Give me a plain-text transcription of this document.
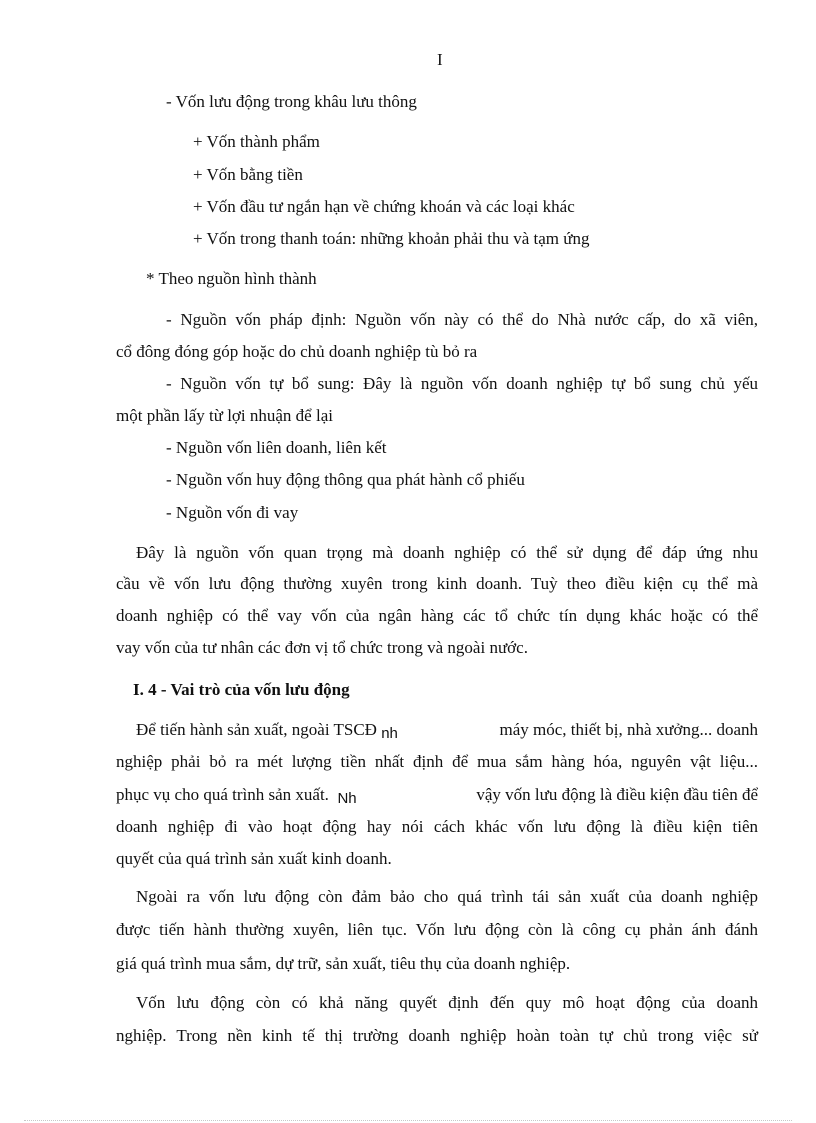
I
- Vốn lưu động trong khâu lưu thông
+ Vốn thành phẩm
+ Vốn bằng tiền
+ Vốn đầu tư ngắn hạn về chứng khoán và các loại khác
+ Vốn trong thanh toán: những khoản phải thu và tạm ứng
* Theo nguồn hình thành
- Nguồn vốn pháp định: Nguồn vốn này có thể do Nhà nước cấp, do xã viên,
cổ đông đóng góp hoặc do chủ doanh nghiệp tù bỏ ra
- Nguồn vốn tự bổ sung: Đây là nguồn vốn doanh nghiệp tự bổ sung chủ yếu
một phần lấy từ lợi nhuận để lại
- Nguồn vốn liên doanh, liên kết
- Nguồn vốn huy động thông qua phát hành cổ phiếu
- Nguồn vốn đi vay
Đây là nguồn vốn quan trọng mà doanh nghiệp có thể sử dụng để đáp ứng nhu
cầu về vốn lưu động thường xuyên trong kinh doanh. Tuỳ theo điều kiện cụ thể mà
doanh nghiệp có thể vay vốn của ngân hàng các tổ chức tín dụng khác hoặc có thể
vay vốn của tư nhân các đơn vị tổ chức trong và ngoài nước.
I. 4 - Vai trò của vốn lưu động
Để tiến hành sản xuất, ngoài TSCĐ nh	máy móc, thiết bị, nhà xưởng... doanh
nghiệp phải bỏ ra mét lượng tiền nhất định để mua sắm hàng hóa, nguyên vật liệu...
phục vụ cho quá trình sản xuất. Nh	vậy vốn lưu động là điều kiện đầu tiên để
doanh nghiệp đi vào hoạt động hay nói cách khác vốn lưu động là điều kiện tiên
quyết của quá trình sản xuất kinh doanh.
Ngoài ra vốn lưu động còn đảm bảo cho quá trình tái sản xuất của doanh nghiệp
được tiến hành thường xuyên, liên tục. Vốn lưu động còn là công cụ phản ánh đánh
giá quá trình mua sắm, dự trữ, sản xuất, tiêu thụ của doanh nghiệp.
Vốn lưu động còn có khả năng quyết định đến quy mô hoạt động của doanh
nghiệp. Trong nền kinh tế thị trường doanh nghiệp hoàn toàn tự chủ trong việc sử
